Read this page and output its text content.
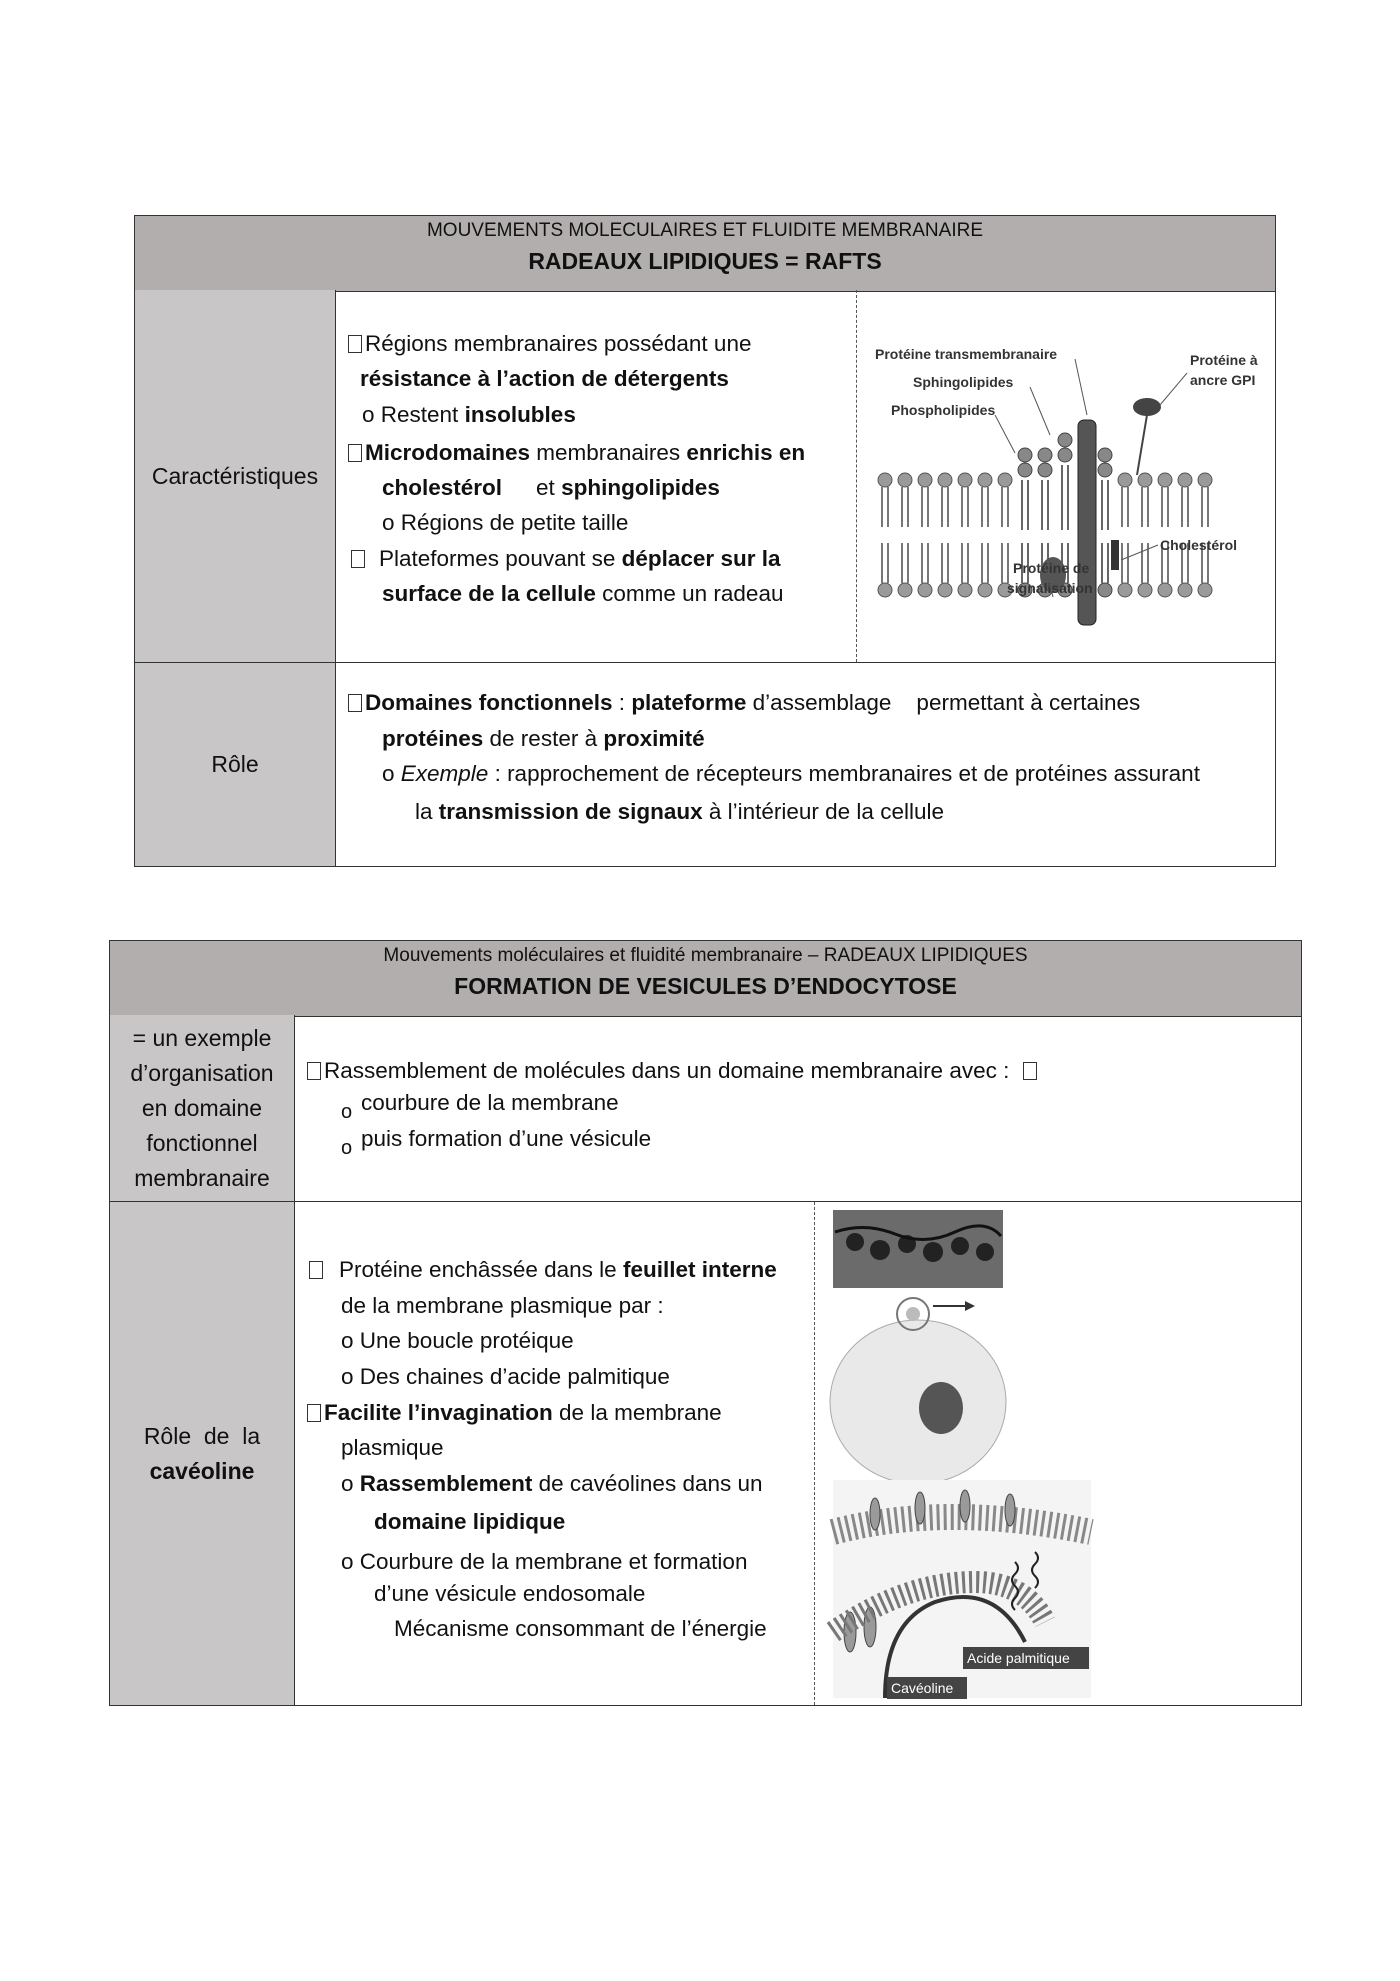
MOUVEMENTS MOLECULAIRES ET FLUIDITE MEMBRANAIRE
RADEAUX LIPIDIQUES = RAFTS
Caractéristiques
Régions membranaires possédant une
résistance à l’action de détergents
o Restent insolubles
Microdomaines membranaires enrichis en
cholestérol et sphingolipides
o Régions de petite taille
Plateformes pouvant se déplacer sur la
surface de la cellule comme un radeau
Protéine transmembranaire
Sphingolipides
Phospholipides
Protéine à
ancre GPI
Cholestérol
Protéine de
signalisation
Rôle
Domaines fonctionnels : plateforme d’assemblage    permettant à certaines
protéines de rester à proximité
o Exemple : rapprochement de récepteurs membranaires et de protéines assurant
la transmission de signaux à l’intérieur de la cellule
Mouvements moléculaires et fluidité membranaire – RADEAUX LIPIDIQUES
FORMATION DE VESICULES D’ENDOCYTOSE
= un exemple
d’organisation
en domaine
fonctionnel
membranaire
Rassemblement de molécules dans un domaine membranaire avec :
o courbure de la membrane
o puis formation d’une vésicule
Rôle  de  la
cavéoline
Protéine enchâssée dans le feuillet interne
de la membrane plasmique par :
o Une boucle protéique
o Des chaines d’acide palmitique
Facilite l’invagination de la membrane
plasmique
o Rassemblement de cavéolines dans un
domaine lipidique
o Courbure de la membrane et formation
d’une vésicule endosomale
Mécanisme consommant de l’énergie
Acide palmitique
Cavéoline
